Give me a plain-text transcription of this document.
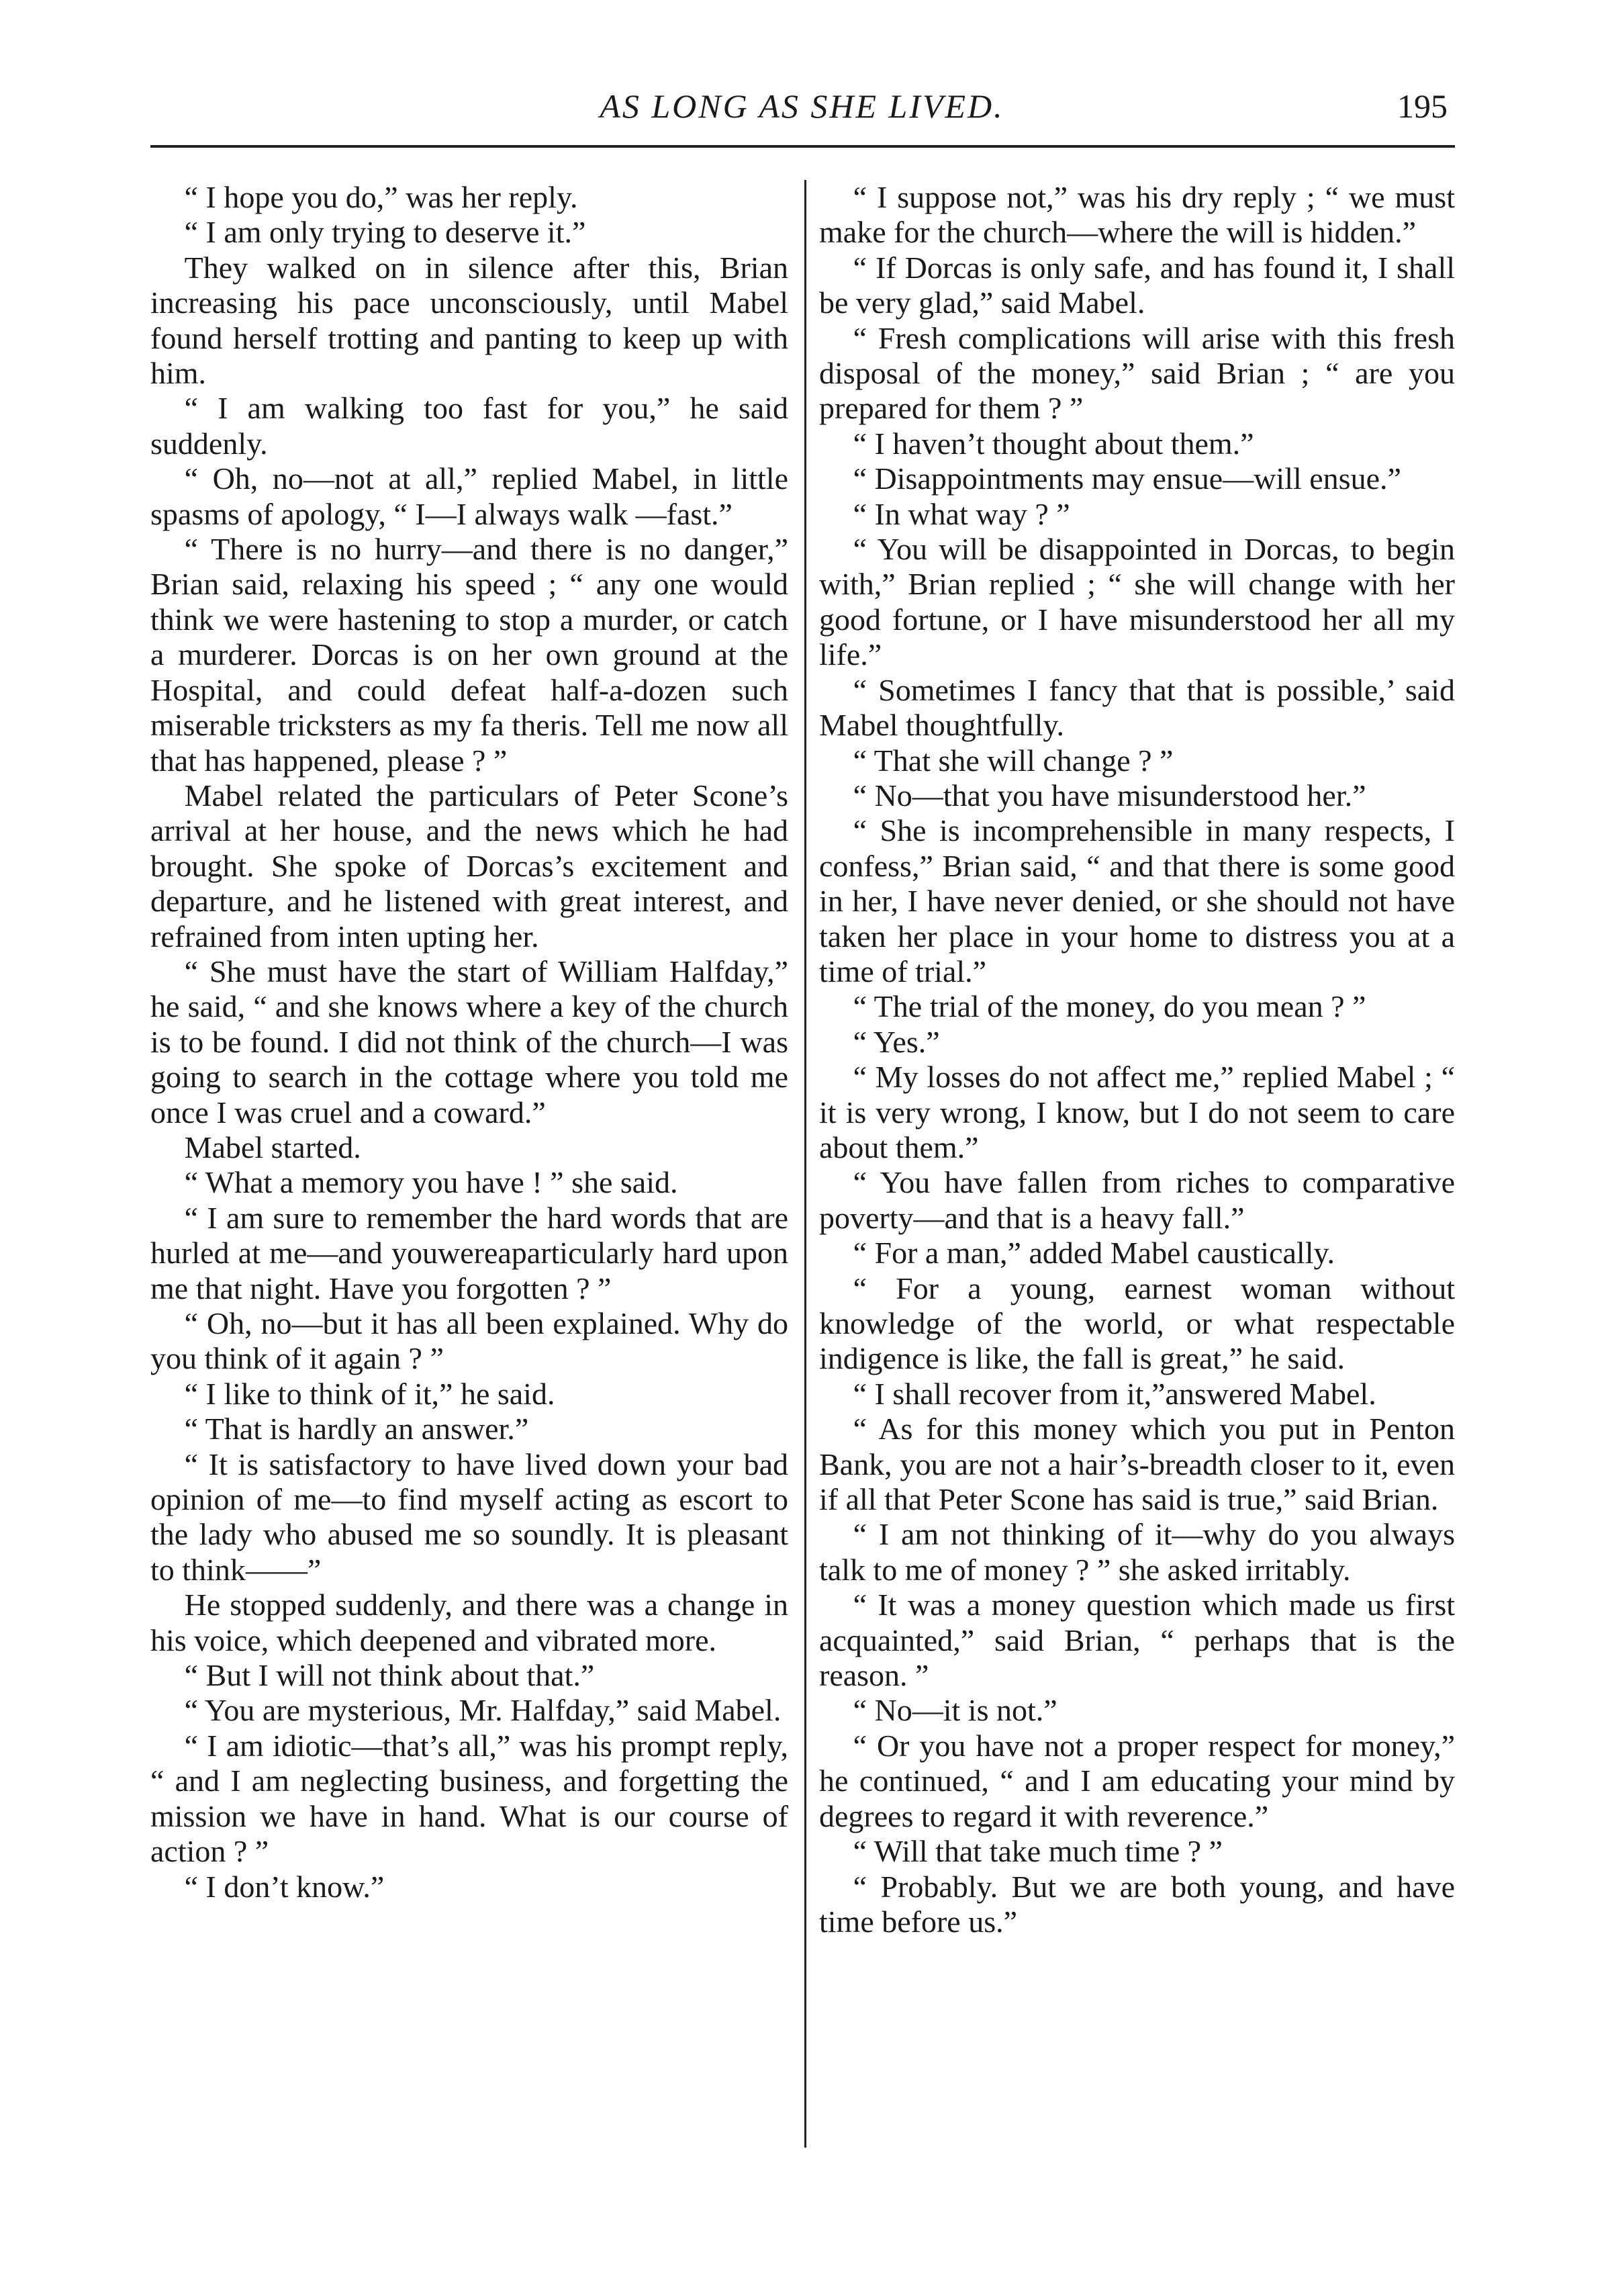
AS LONG AS SHE LIVED.	195

“ I hope you do,” was her reply.

“ I am only trying to deserve it.”

They walked on in silence after this, Brian increasing his pace unconsciously, until Mabel found herself trotting and panting to keep up with him.

“ I am walking too fast for you,” he said suddenly.

“ Oh, no—not at all,” replied Mabel, in little spasms of apology, “ I—I always walk —fast.”

“ There is no hurry—and there is no danger,” Brian said, relaxing his speed ; “ any one would think we were hastening to stop a murder, or catch a murderer. Dorcas is on her own ground at the Hospital, and could defeat half-a-dozen such miserable tricksters as my fa theris. Tell me now all that has happened, please ? ”

Mabel related the particulars of Peter Scone’s arrival at her house, and the news which he had brought. She spoke of Dorcas’s excitement and departure, and he listened with great interest, and refrained from inten upting her.

“ She must have the start of William Halfday,” he said, “ and she knows where a key of the church is to be found. I did not think of the church—I was going to search in the cottage where you told me once I was cruel and a coward.”

Mabel started.

“ What a memory you have ! ” she said.

“ I am sure to remember the hard words that are hurled at me—and youwereaparticularly hard upon me that night. Have you forgotten ? ”

“ Oh, no—but it has all been explained. Why do you think of it again ? ”

“ I like to think of it,” he said.

“ That is hardly an answer.”

“ It is satisfactory to have lived down your bad opinion of me—to find myself acting as escort to the lady who abused me so soundly. It is pleasant to think——”

He stopped suddenly, and there was a change in his voice, which deepened and vibrated more.

“ But I will not think about that.”

“ You are mysterious, Mr. Halfday,” said Mabel.

“ I am idiotic—that’s all,” was his prompt reply, “ and I am neglecting business, and forgetting the mission we have in hand. What is our course of action ? ”

“ I don’t know.”

“ I suppose not,” was his dry reply ; “ we must make for the church—where the will is hidden.”

“ If Dorcas is only safe, and has found it, I shall be very glad,” said Mabel.

“ Fresh complications will arise with this fresh disposal of the money,” said Brian ; “ are you prepared for them ? ”

“ I haven’t thought about them.”

“ Disappointments may ensue—will ensue.”

“ In what way ? ”

“ You will be disappointed in Dorcas, to begin with,” Brian replied ; “ she will change with her good fortune, or I have misunderstood her all my life.”

“ Sometimes I fancy that that is possible,’ said Mabel thoughtfully.

“ That she will change ? ”

“ No—that you have misunderstood her.”

“ She is incomprehensible in many respects, I confess,” Brian said, “ and that there is some good in her, I have never denied, or she should not have taken her place in your home to distress you at a time of trial.”

“ The trial of the money, do you mean ? ”

“ Yes.”

“ My losses do not affect me,” replied Mabel ; “ it is very wrong, I know, but I do not seem to care about them.”

“ You have fallen from riches to comparative poverty—and that is a heavy fall.”

“ For a man,” added Mabel caustically.

“ For a young, earnest woman without knowledge of the world, or what respectable indigence is like, the fall is great,” he said.

“ I shall recover from it,”answered Mabel.

“ As for this money which you put in Penton Bank, you are not a hair’s-breadth closer to it, even if all that Peter Scone has said is true,” said Brian.

“ I am not thinking of it—why do you always talk to me of money ? ” she asked irritably.

“ It was a money question which made us first acquainted,” said Brian, “ perhaps that is the reason. ”

“ No—it is not.”

“ Or you have not a proper respect for money,” he continued, “ and I am educating your mind by degrees to regard it with reverence.”

“ Will that take much time ? ”

“ Probably. But we are both young, and have time before us.”
